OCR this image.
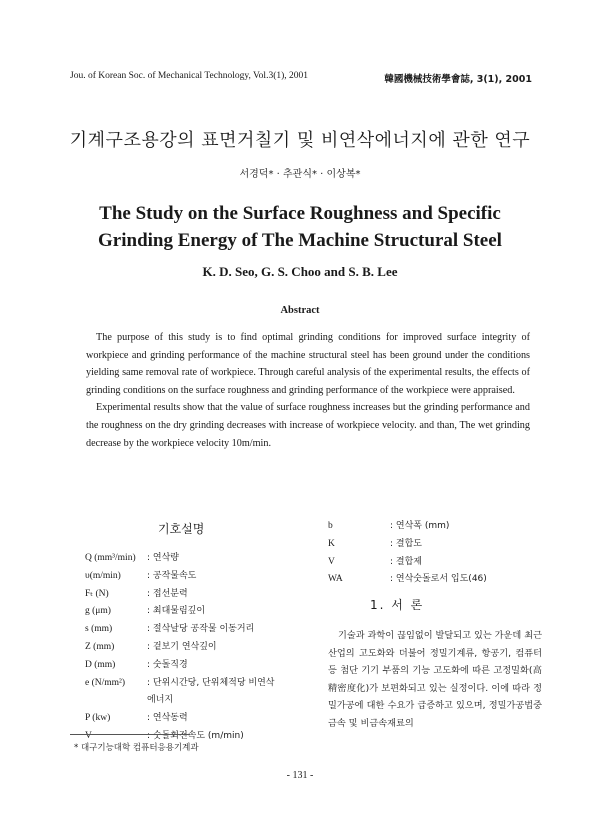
Jou. of Korean Soc. of Mechanical Technology, Vol.3(1), 2001	韓國機械技術學會誌, 3(1), 2001
기계구조용강의 표면거칠기 및 비연삭에너지에 관한 연구
서경덕* · 추관식* · 이상복*
The Study on the Surface Roughness and Specific
Grinding Energy of The Machine Structural Steel
K. D. Seo, G. S. Choo and S. B. Lee
Abstract

The purpose of this study is to find optimal grinding conditions for improved surface integrity of workpiece and grinding performance of the machine structural steel has been ground under the conditions yielding same removal rate of workpiece. Through careful analysis of the experimental results, the effects of grinding conditions on the surface roughness and grinding performance of the workpiece were appraised.

Experimental results show that the value of surface roughness increases but the grinding performance and the roughness on the dry grinding decreases with increase of workpiece velocity. and than, The wet grinding decrease by the workpiece velocity 10m/min.

기호설명
Q (mm³/min)	: 연삭량
υ(m/min)	: 공작물속도
Fₜ (N)	: 접선분력
g (μm)	: 최대물림깊이
s (mm)	: 절삭날당 공작물 이동거리
Z (mm)	: 겉보기 연삭깊이
D (mm)	: 숫돌직경
e (N/mm²)	: 단위시간당, 단위체적당 비연삭
에너지
P (kw)	: 연삭동력
V	: 숫돌회전속도 (m/min)
b	: 연삭폭 (mm)
K	: 결합도
V	: 결합제
WA	: 연삭숫돌로서 입도(46)
1. 서 론

기술과 과학이 끊임없이 발달되고 있는 가운데 최근 산업의 고도화와 더불어 정밀기계류, 항공기, 컴퓨터 등 첨단 기기 부품의 기능 고도화에 따른 고정밀화(高精密度化)가 보편화되고 있는 실정이다. 이에 따라 정밀가공에 대한 수요가 급증하고 있으며, 정밀가공법중 금속 및 비금속재료의

* 대구기능대학 컴퓨터응용기계과
- 131 -
